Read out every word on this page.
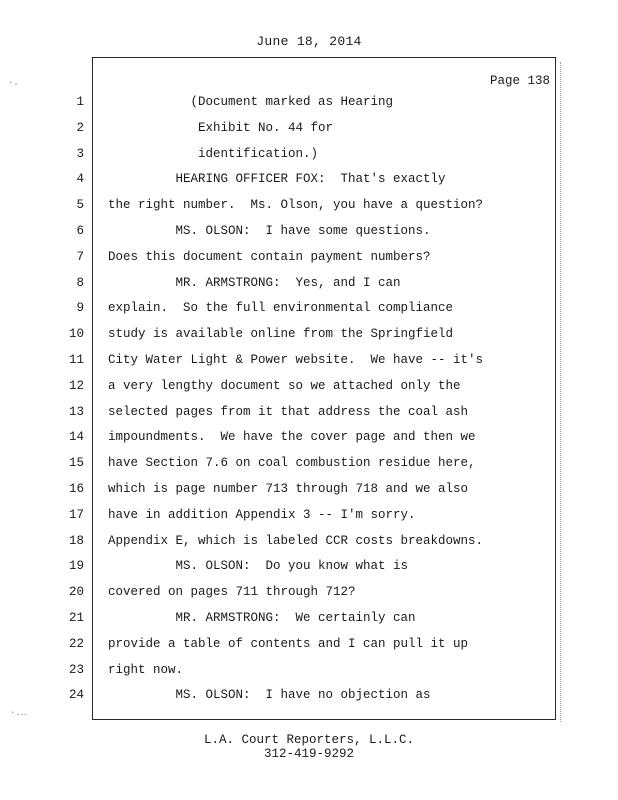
June 18, 2014
Page 138
1
2
3
4
5
6
7
8
9
10
11
12
13
14
15
16
17
18
19
20
21
22
23
24
(Document marked as Hearing
Exhibit No. 44 for
identification.)
HEARING OFFICER FOX:  That's exactly
the right number.  Ms. Olson, you have a question?
MS. OLSON:  I have some questions.
Does this document contain payment numbers?
MR. ARMSTRONG:  Yes, and I can
explain.  So the full environmental compliance
study is available online from the Springfield
City Water Light & Power website.  We have -- it's
a very lengthy document so we attached only the
selected pages from it that address the coal ash
impoundments.  We have the cover page and then we
have Section 7.6 on coal combustion residue here,
which is page number 713 through 718 and we also
have in addition Appendix 3 -- I'm sorry.
Appendix E, which is labeled CCR costs breakdowns.
MS. OLSON:  Do you know what is
covered on pages 711 through 712?
MR. ARMSTRONG:  We certainly can
provide a table of contents and I can pull it up
right now.
MS. OLSON:  I have no objection as
L.A. Court Reporters, L.L.C.
312-419-9292
·.
·.‥
